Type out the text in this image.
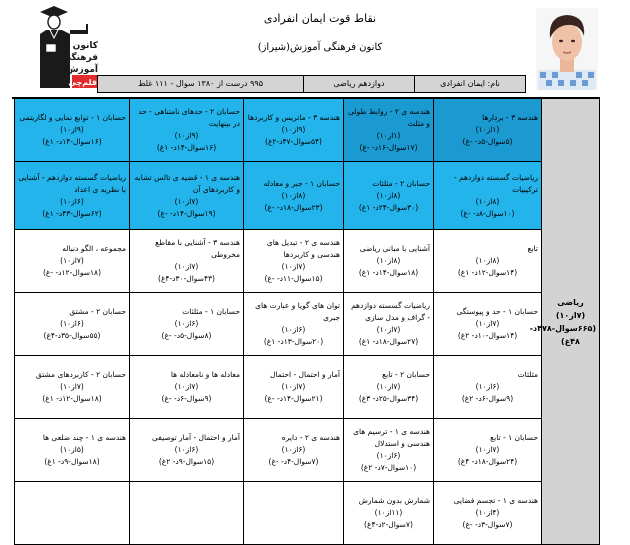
کانون
فرهنگی
آموزش
قلم‌چی
نقاط قوت ایمان انفرادی
کانون فرهنگی آموزش(شیراز)
نام: ایمان انفرادی
دوازدهم ریاضی
۹۹۵ درست از ۱۳۸۰ سوال - ۱۱۱ غلط
ریاضی (۷از۱۰)
(۶۶۵سوال-۴۷۸د-
۴۸غ)	هندسه ۳ - بردارها
(۱از۱۰)
(۵سوال-۵د- -غ)	هندسه ی ۲ - روابط طولی و مثلث
(۱از۱۰)
(۱۷سوال-۱۶د- -غ)	هندسه ۳ - ماتریس و کاربردها
(۹از۱۰)
(۵۴سوال-۴۷د-۲غ)	حسابان ۲ - حدهای نامتناهی - حد در بینهایت
(۹از۱۰)
(۱۶سوال-۱۴د- ۱غ)	حسابان ۱ - توابع نمایی و لگاریتمی
(۹از۱۰)
(۱۶سوال-۱۴د- ۱غ)

	ریاضیات گسسته دوازدهم - ترکیبیات
(۸از۱۰)
(۱۰سوال-۸د- -غ)	حسابان ۲ - مثلثات
(۸از۱۰)
(۳۰سوال-۲۴د- ۱غ)	حسابان ۱ - جبر و معادله
(۸از۱۰)
(۲۳سوال-۱۸د- -غ)	هندسه ی ۱ - قضیه ی تالس تشابه و کاربردهای آن
(۷از۱۰)
(۱۹سوال-۱۴د- -غ)	ریاضیات گسسته دوازدهم - آشنایی با نظریه ی اعداد
(۶از۱۰)
(۶۲سوال-۴۳د- ۱غ)

	تابع
(۸از۱۰)
(۱۴سوال-۱۲د- ۱غ)	آشنایی با مبانی ریاضی
(۸از۱۰)
(۱۸سوال-۱۴د- ۱غ)	هندسه ی ۲ - تبدیل های هندسی و کاربردها
(۷از۱۰)
(۱۵سوال-۱۱د- -غ)	هندسه ۳ - آشنایی با مقاطع مخروطی
(۷از۱۰)
(۴۳سوال-۳۰د-۴غ)	مجموعه ، الگو دنباله
(۷از۱۰)
(۱۸سوال-۱۲د- -غ)

	حسابان ۱ - حد و پیوستگی
(۷از۱۰)
(۱۴سوال-۱۰د- ۲غ)	ریاضیات گسسته دوازدهم - گراف و مدل سازی
(۷از۱۰)
(۲۷سوال-۱۸د- ۱غ)	توان های گویا و عبارت های جبری
(۶از۱۰)
(۲۰سوال-۱۳د- ۱غ)	حسابان ۱ - مثلثات
(۶از۱۰)
(۸سوال-۵د- -غ)	حسابان ۲ - مشتق
(۶از۱۰)
(۵۵سوال-۳۵د-۴غ)

	مثلثات
(۶از۱۰)
(۹سوال-۶د- ۲غ)	حسابان ۲ - تابع
(۷از۱۰)
(۳۴سوال-۲۵د- ۳غ)	آمار و احتمال - احتمال
(۷از۱۰)
(۲۱سوال-۱۴د- -غ)	معادله ها و نامعادله ها
(۷از۱۰)
(۹سوال-۶د- -غ)	حسابان ۲ - کاربردهای مشتق
(۷از۱۰)
(۱۸سوال-۱۲د- ۱غ)

	حسابان ۱ - تابع
(۷از۱۰)
(۲۴سوال-۱۸د- ۴غ)	هندسه ی ۱ - ترسیم های هندسی و استدلال
(۶از۱۰)
(۱۰سوال-۷د- ۲غ)	هندسه ی ۲ - دایره
(۶از۱۰)
(۷سوال-۴د- -غ)	آمار و احتمال - آمار توصیفی
(۶از۱۰)
(۱۵سوال-۹د- ۲غ)	هندسه ی ۱ - چند ضلعی ها
(۵از۱۰)
(۱۸سوال-۹د- ۱غ)

	هندسه ی ۱ - تجسم فضایی
(۴از۱۰)
(۷سوال-۳د- -غ)	شمارش بدون شمارش
(۱۱از۱۰)
(۷سوال-۲د-۴غ)			
